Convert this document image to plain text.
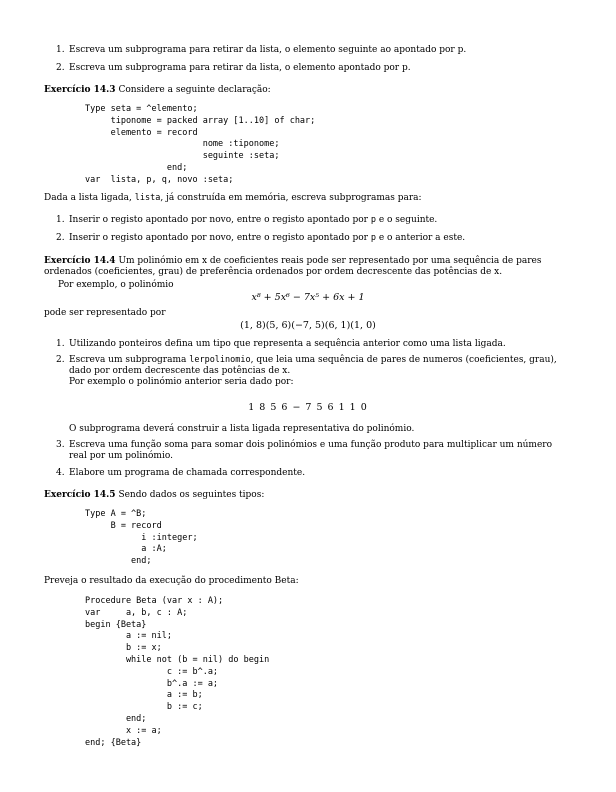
1. Escreva um subprograma para retirar da lista, o elemento seguinte ao apontado por p.
2. Escreva um subprograma para retirar da lista, o elemento apontado por p.
Exercício 14.3 Considere a seguinte declaração:
Type seta = ^elemento;
tiponome = packed array [1..10] of char;
elemento = record
nome :tiponome;
seguinte :seta;
end;
var  lista, p, q, novo :seta;
Dada a lista ligada, lista, já construída em memória, escreva subprogramas para:
1. Inserir o registo apontado por novo, entre o registo apontado por p e o seguinte.
2. Inserir o registo apontado por novo, entre o registo apontado por p e o anterior a este.
Exercício 14.4 Um polinómio em x de coeficientes reais pode ser representado por uma sequência de pares ordenados (coeficientes, grau) de preferência ordenados por ordem decrescente das potências de x.
Por exemplo, o polinómio
x⁸ + 5x⁶ − 7x⁵ + 6x + 1
pode ser representado por
(1, 8)(5, 6)(−7, 5)(6, 1)(1, 0)
1. Utilizando ponteiros defina um tipo que representa a sequência anterior como uma lista ligada.
2. Escreva um subprograma lerpolinomio, que leia uma sequência de pares de numeros (coeficientes, grau), dado por ordem decrescente das potências de x.
Por exemplo o polinómio anterior seria dado por:
1 8 5 6 − 7 5 6 1 1 0
O subprograma deverá construir a lista ligada representativa do polinómio.
3. Escreva uma função soma para somar dois polinómios e uma função produto para multiplicar um número real por um polinómio.
4. Elabore um programa de chamada correspondente.
Exercício 14.5 Sendo dados os seguintes tipos:
Type A = ^B;
B = record
i :integer;
a :A;
end;
Preveja o resultado da execução do procedimento Beta:
Procedure Beta (var x : A);
var     a, b, c : A;
begin {Beta}
a := nil;
b := x;
while not (b = nil) do begin
c := b^.a;
b^.a := a;
a := b;
b := c;
end;
x := a;
end; {Beta}
